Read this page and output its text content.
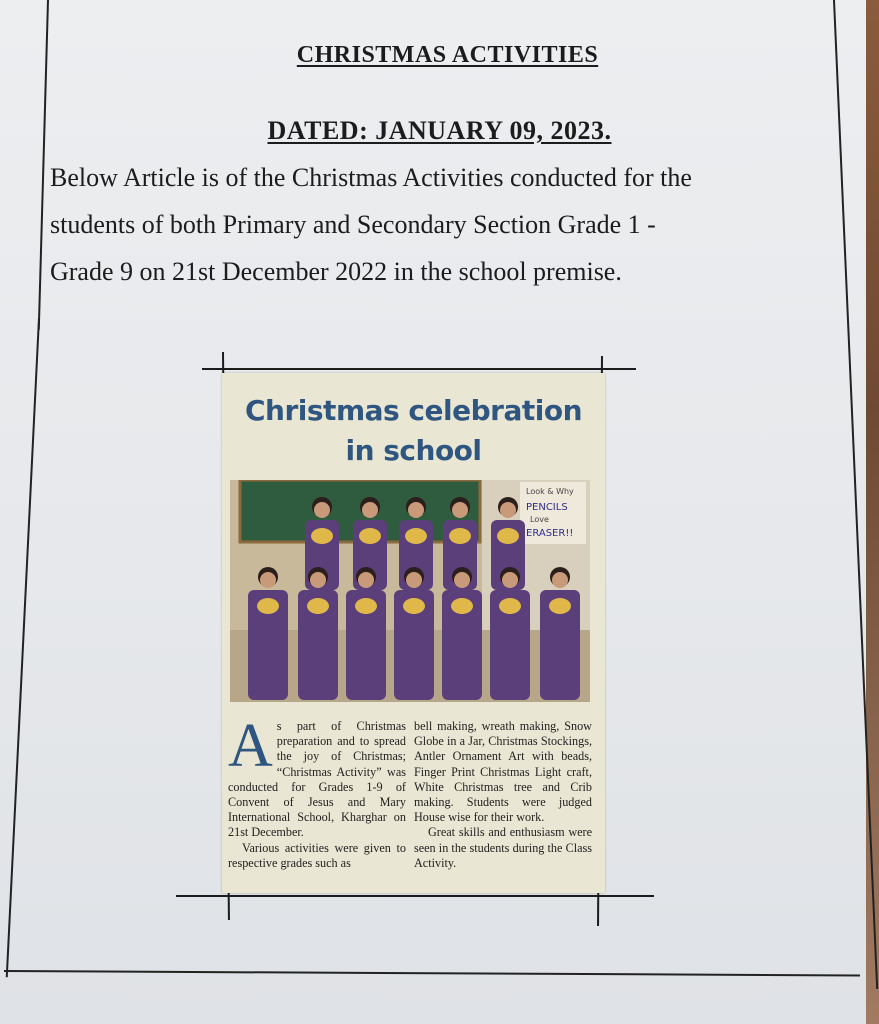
CHRISTMAS ACTIVITIES
DATED: JANUARY 09, 2023.
Below Article is of the Christmas Activities conducted for the
students of both Primary and Secondary Section Grade 1 -
Grade 9 on 21st December 2022 in the school premise.
Christmas celebration
in school
Look & Why
PENCILS
Love
ERASER!!
A s part of Christmas preparation and to spread the joy of Christmas; “Christmas Activity” was conducted for Grades 1-9 of Convent of Jesus and Mary International School, Kharghar on 21st December.

Various activities were given to respective grades such as

bell making, wreath making, Snow Globe in a Jar, Christmas Stockings, Antler Ornament Art with beads, Finger Print Christmas Light craft, White Christmas tree and Crib making. Students were judged House wise for their work.

Great skills and enthusiasm were seen in the students during the Class Activity.
